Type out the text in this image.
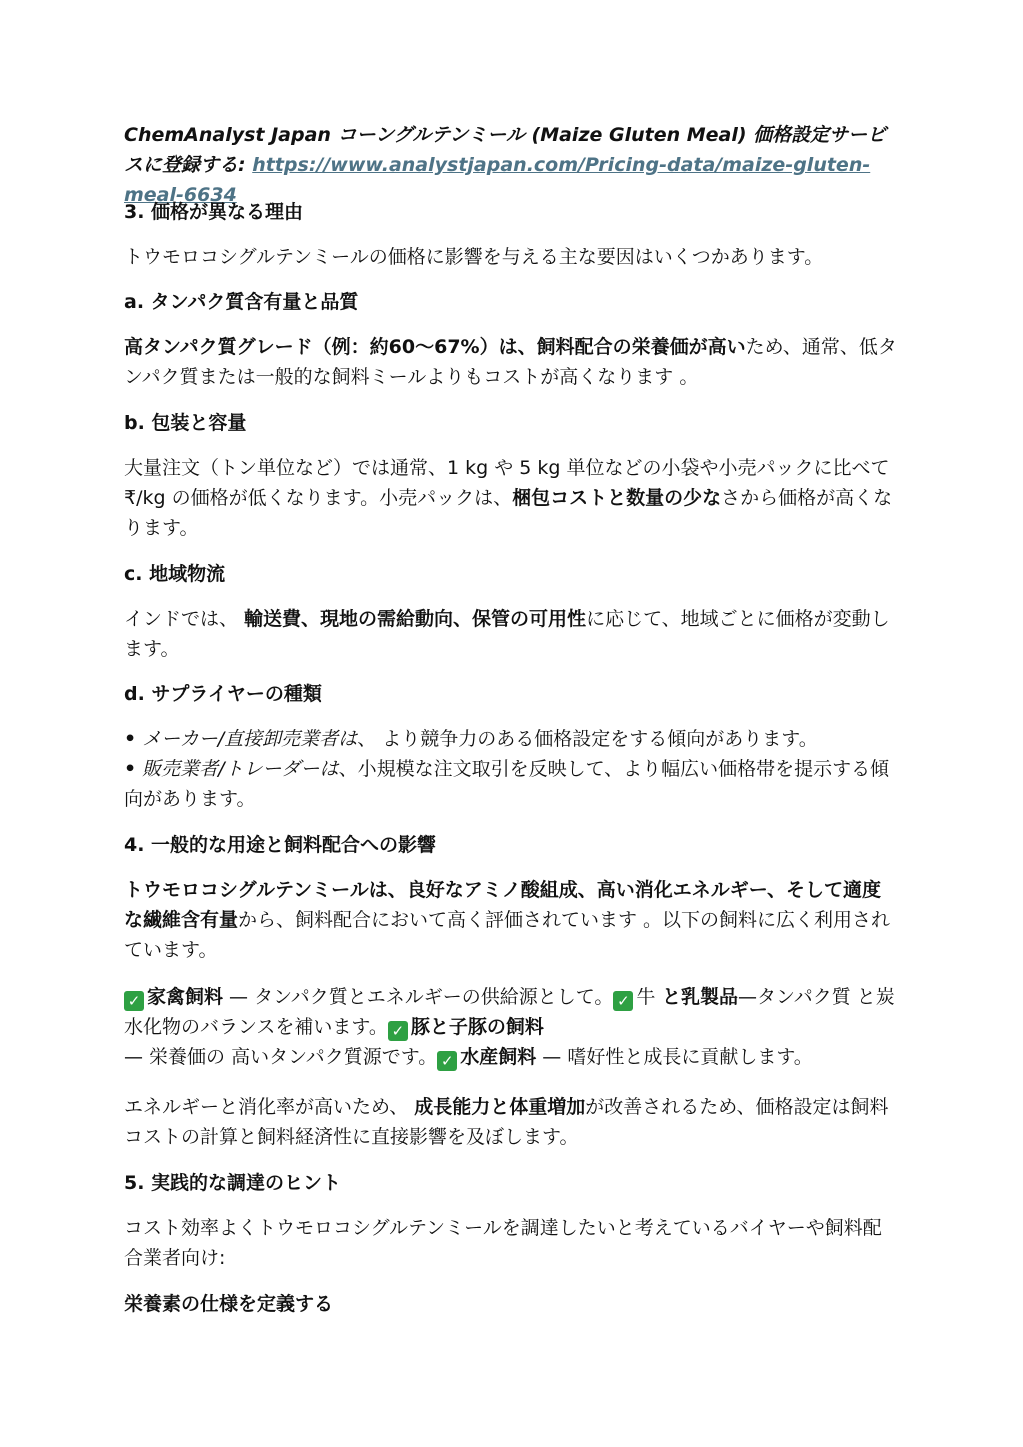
ChemAnalyst Japan コーングルテンミール (Maize Gluten Meal) 価格設定サービスに登録する: https://www.analystjapan.com/Pricing-data/maize-gluten-meal-6634

3. 価格が異なる理由

トウモロコシグルテンミールの価格に影響を与える主な要因はいくつかあります。

a. タンパク質含有量と品質

高タンパク質グレード（例：約60〜67%）は、飼料配合の栄養価が高いため、通常、低タンパク質または一般的な飼料ミールよりもコストが高くなります 。

b. 包装と容量

大量注文（トン単位など）では通常、1 kg や 5 kg 単位などの小袋や小売パックに比べて ₹/kg の価格が低くなります。小売パックは、梱包コストと数量の少なさから価格が高くなります。

c. 地域物流

インドでは、 輸送費、現地の需給動向、保管の可用性に応じて、地域ごとに価格が変動します。

d. サプライヤーの種類

• メーカー/直接卸売業者は、 より競争力のある価格設定をする傾向があります。
• 販売業者/トレーダーは、小規模な注文取引を反映して、より幅広い価格帯を提示する傾向があります。

4. 一般的な用途と飼料配合への影響

トウモロコシグルテンミールは、良好なアミノ酸組成、高い消化エネルギー、そして適度な繊維含有量から、飼料配合において高く評価されています 。以下の飼料に広く利用されています。

✓ 家禽飼料 — タンパク質とエネルギーの供給源として。 ✓ 牛 と乳製品—タンパク質 と炭水化物のバランスを補います。 ✓ 豚と子豚の飼料
— 栄養価の 高いタンパク質源です。 ✓ 水産飼料 — 嗜好性と成長に貢献します。

エネルギーと消化率が高いため、 成長能力と体重増加が改善されるため、価格設定は飼料コストの計算と飼料経済性に直接影響を及ぼします。

5. 実践的な調達のヒント

コスト効率よくトウモロコシグルテンミールを調達したいと考えているバイヤーや飼料配合業者向け:

栄養素の仕様を定義する
